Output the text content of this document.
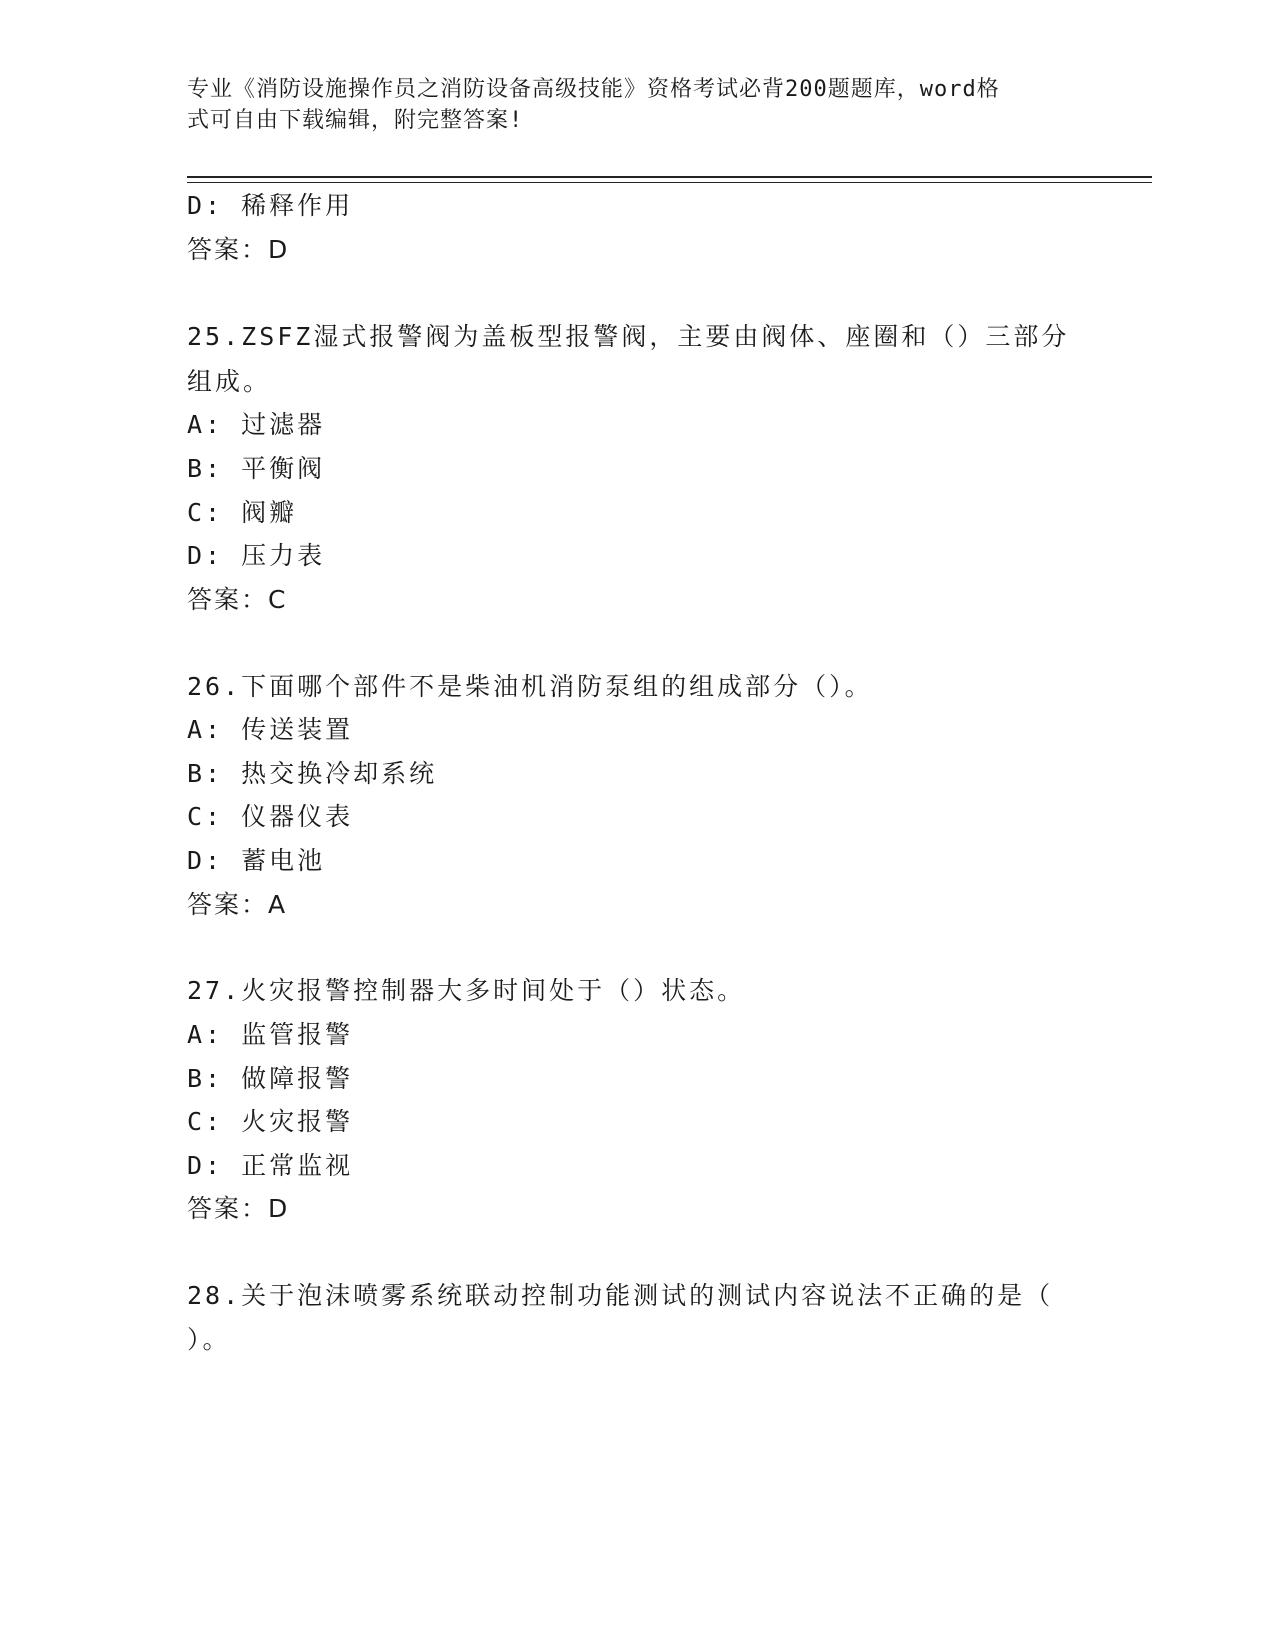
专业《消防设施操作员之消防设备高级技能》资格考试必背200题题库，word格
式可自由下载编辑，附完整答案!
D: 稀释作用
答案：D
25.ZSFZ湿式报警阀为盖板型报警阀，主要由阀体、座圈和（）三部分
组成。
A: 过滤器
B: 平衡阀
C: 阀瓣
D: 压力表
答案：C
26.下面哪个部件不是柴油机消防泵组的组成部分（）。
A: 传送装置
B: 热交换冷却系统
C: 仪器仪表
D: 蓄电池
答案：A
27.火灾报警控制器大多时间处于（）状态。
A: 监管报警
B: 做障报警
C: 火灾报警
D: 正常监视
答案：D
28.关于泡沫喷雾系统联动控制功能测试的测试内容说法不正确的是（
）。
